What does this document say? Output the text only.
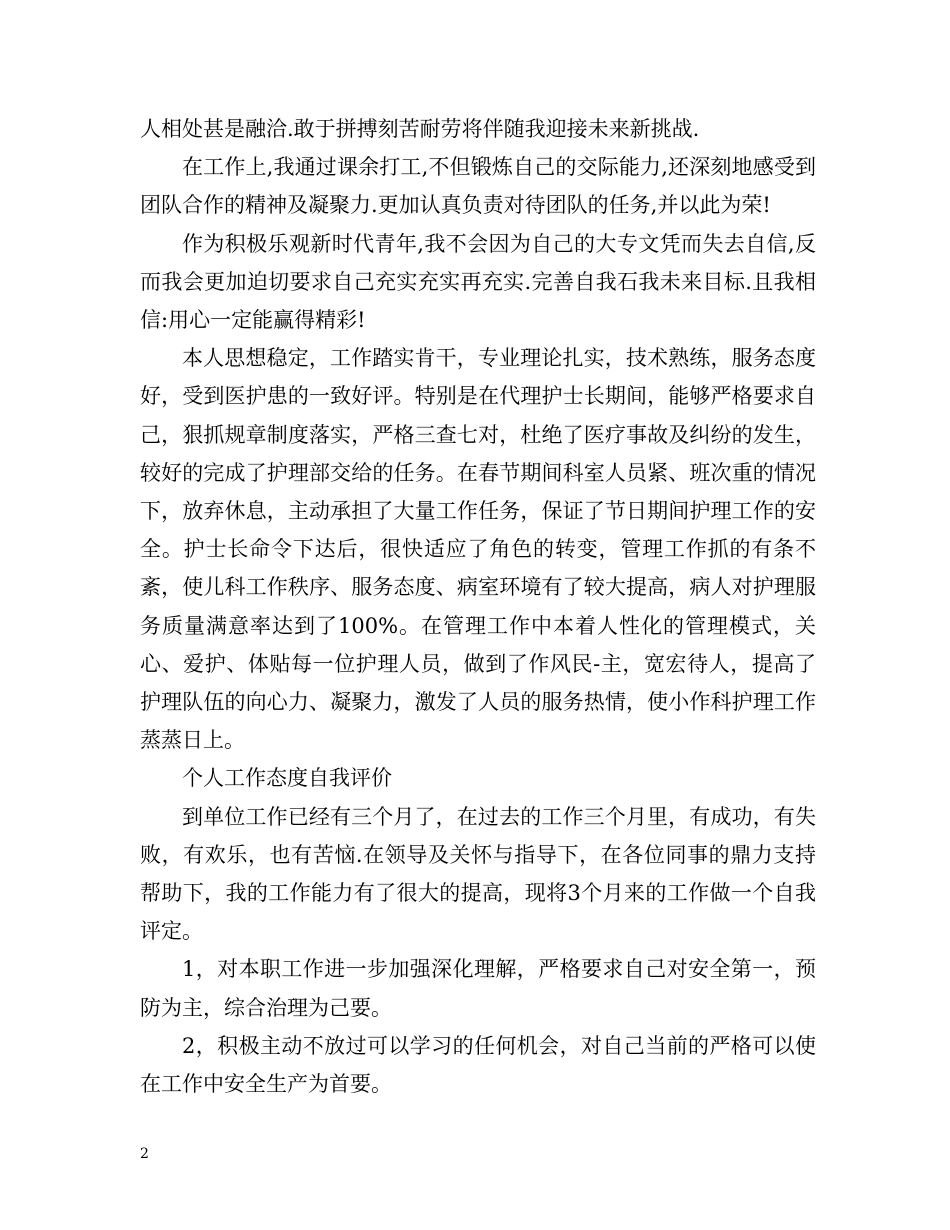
人相处甚是融洽.敢于拼搏刻苦耐劳将伴随我迎接未来新挑战.

在工作上,我通过课余打工,不但锻炼自己的交际能力,还深刻地感受到团队合作的精神及凝聚力.更加认真负责对待团队的任务,并以此为荣!

作为积极乐观新时代青年,我不会因为自己的大专文凭而失去自信,反而我会更加迫切要求自己充实充实再充实.完善自我石我未来目标.且我相信:用心一定能赢得精彩!

本人思想稳定，工作踏实肯干，专业理论扎实，技术熟练，服务态度好，受到医护患的一致好评。特别是在代理护士长期间，能够严格要求自己，狠抓规章制度落实，严格三查七对，杜绝了医疗事故及纠纷的发生，较好的完成了护理部交给的任务。在春节期间科室人员紧、班次重的情况下，放弃休息，主动承担了大量工作任务，保证了节日期间护理工作的安全。护士长命令下达后，很快适应了角色的转变，管理工作抓的有条不紊，使儿科工作秩序、服务态度、病室环境有了较大提高，病人对护理服务质量满意率达到了100%。在管理工作中本着人性化的管理模式，关心、爱护、体贴每一位护理人员，做到了作风民-主，宽宏待人，提高了护理队伍的向心力、凝聚力，激发了人员的服务热情，使小作科护理工作蒸蒸日上。

个人工作态度自我评价

到单位工作已经有三个月了，在过去的工作三个月里，有成功，有失败，有欢乐，也有苦恼.在领导及关怀与指导下，在各位同事的鼎力支持帮助下，我的工作能力有了很大的提高，现将3个月来的工作做一个自我评定。

1，对本职工作进一步加强深化理解，严格要求自己对安全第一，预防为主，综合治理为己要。

2，积极主动不放过可以学习的任何机会，对自己当前的严格可以使在工作中安全生产为首要。

2
